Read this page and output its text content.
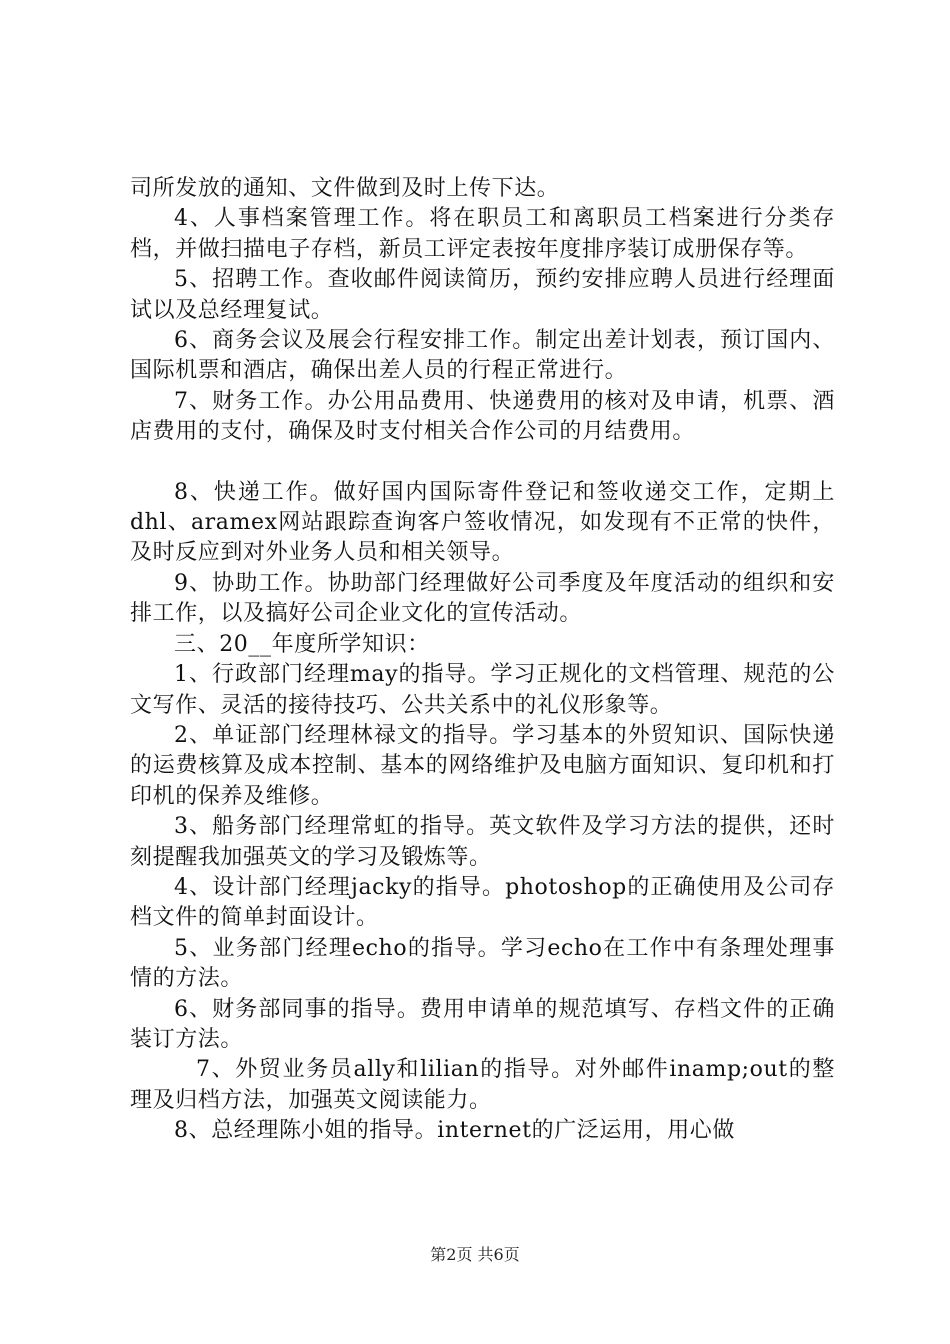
司所发放的通知、文件做到及时上传下达。

4、人事档案管理工作。将在职员工和离职员工档案进行分类存档，并做扫描电子存档，新员工评定表按年度排序装订成册保存等。

5、招聘工作。查收邮件阅读简历，预约安排应聘人员进行经理面试以及总经理复试。

6、商务会议及展会行程安排工作。制定出差计划表，预订国内、国际机票和酒店，确保出差人员的行程正常进行。

7、财务工作。办公用品费用、快递费用的核对及申请，机票、酒店费用的支付，确保及时支付相关合作公司的月结费用。

8、快递工作。做好国内国际寄件登记和签收递交工作，定期上dhl、aramex网站跟踪查询客户签收情况，如发现有不正常的快件，及时反应到对外业务人员和相关领导。

9、协助工作。协助部门经理做好公司季度及年度活动的组织和安排工作，以及搞好公司企业文化的宣传活动。

三、20__年度所学知识：

1、行政部门经理may的指导。学习正规化的文档管理、规范的公文写作、灵活的接待技巧、公共关系中的礼仪形象等。

2、单证部门经理林禄文的指导。学习基本的外贸知识、国际快递的运费核算及成本控制、基本的网络维护及电脑方面知识、复印机和打印机的保养及维修。

3、船务部门经理常虹的指导。英文软件及学习方法的提供，还时刻提醒我加强英文的学习及锻炼等。

4、设计部门经理jacky的指导。photoshop的正确使用及公司存档文件的简单封面设计。

5、业务部门经理echo的指导。学习echo在工作中有条理处理事情的方法。

6、财务部同事的指导。费用申请单的规范填写、存档文件的正确装订方法。

7、外贸业务员ally和lilian的指导。对外邮件inamp;out的整理及归档方法，加强英文阅读能力。

8、总经理陈小姐的指导。internet的广泛运用，用心做

第2页 共6页
